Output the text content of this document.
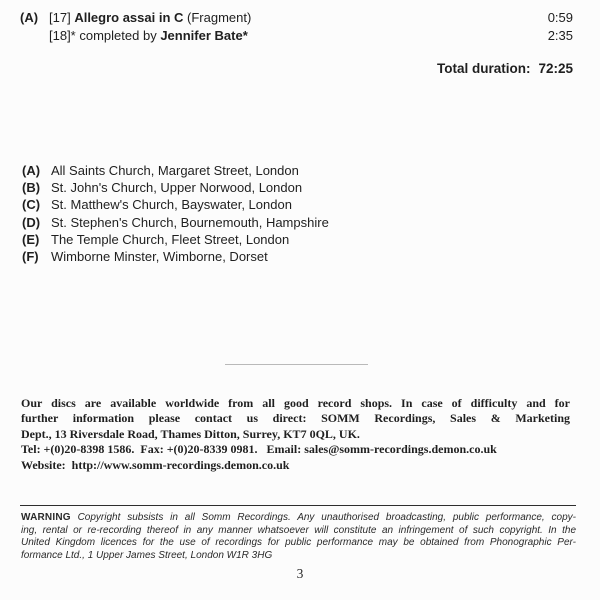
(A) [17] Allegro assai in C (Fragment)	0:59
[18]* completed by Jennifer Bate*	2:35
Total duration: 72:25
(A) All Saints Church, Margaret Street, London
(B) St. John's Church, Upper Norwood, London
(C) St. Matthew's Church, Bayswater, London
(D) St. Stephen's Church, Bournemouth, Hampshire
(E) The Temple Church, Fleet Street, London
(F) Wimborne Minster, Wimborne, Dorset
Our discs are available worldwide from all good record shops. In case of difficulty and for
further information please contact us direct: SOMM Recordings, Sales & Marketing
Dept., 13 Riversdale Road, Thames Ditton, Surrey, KT7 0QL, UK.
Tel: +(0)20-8398 1586.  Fax: +(0)20-8339 0981.   Email: sales@somm-recordings.demon.co.uk
Website:  http://www.somm-recordings.demon.co.uk
WARNING Copyright subsists in all Somm Recordings. Any unauthorised broadcasting, public performance, copy-
ing, rental or re-recording thereof in any manner whatsoever will constitute an infringement of such copyright. In the
United Kingdom licences for the use of recordings for public performance may be obtained from Phonographic Per-
formance Ltd., 1 Upper James Street, London W1R 3HG
3
